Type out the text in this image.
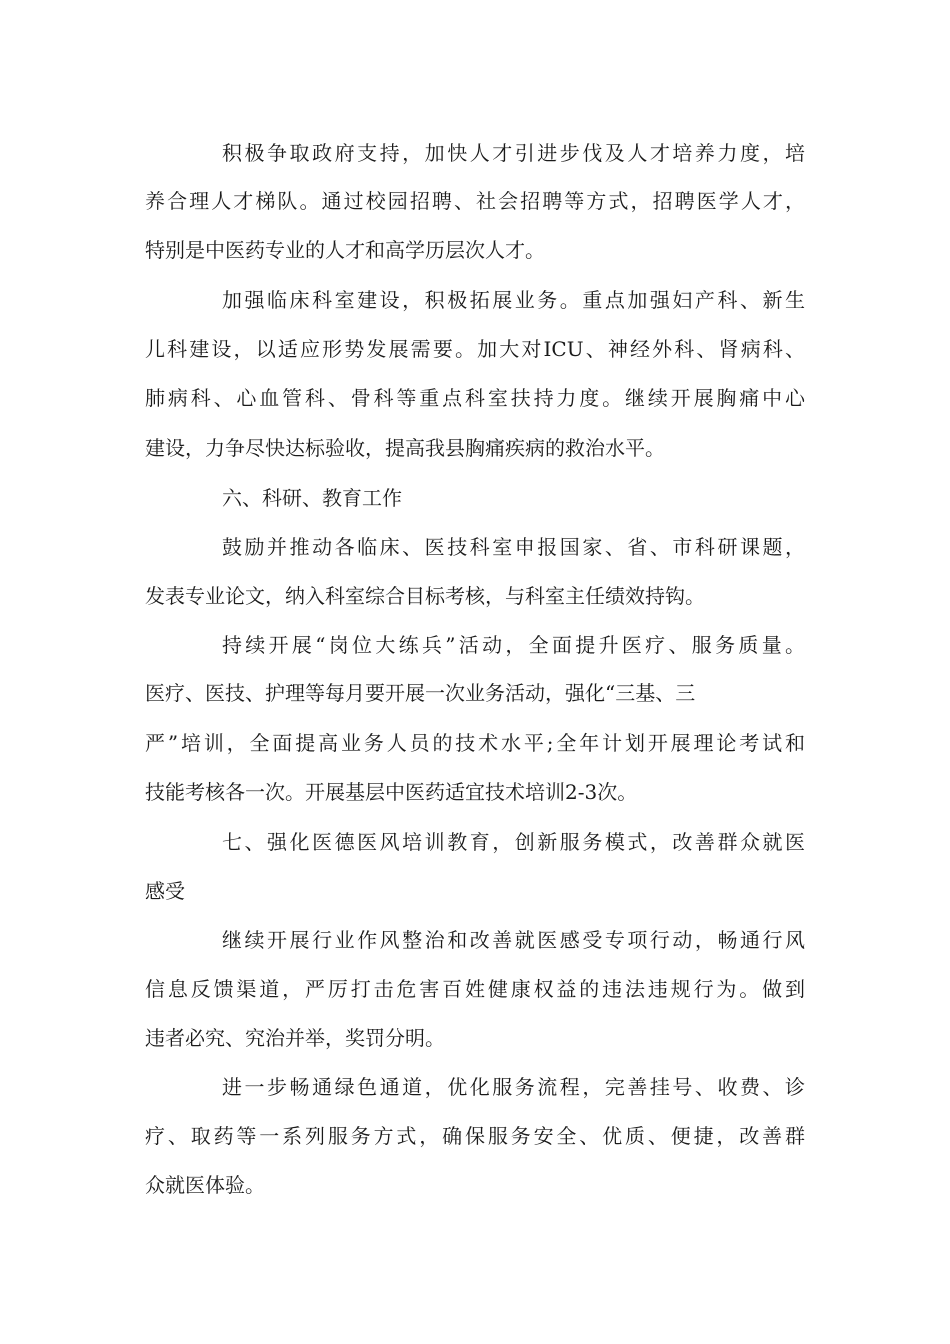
积极争取政府支持，加快人才引进步伐及人才培养力度，培
养合理人才梯队。通过校园招聘、社会招聘等方式，招聘医学人才，
特别是中医药专业的人才和高学历层次人才。
加强临床科室建设，积极拓展业务。重点加强妇产科、新生
儿科建设，以适应形势发展需要。加大对ICU、神经外科、肾病科、
肺病科、心血管科、骨科等重点科室扶持力度。继续开展胸痛中心
建设，力争尽快达标验收，提高我县胸痛疾病的救治水平。
六、科研、教育工作
鼓励并推动各临床、医技科室申报国家、省、市科研课题，
发表专业论文，纳入科室综合目标考核，与科室主任绩效持钩。
持续开展“岗位大练兵”活动，全面提升医疗、服务质量。
医疗、医技、护理等每月要开展一次业务活动，强化“三基、三
严”培训，全面提高业务人员的技术水平;全年计划开展理论考试和
技能考核各一次。开展基层中医药适宜技术培训2-3次。
七、强化医德医风培训教育，创新服务模式，改善群众就医
感受
继续开展行业作风整治和改善就医感受专项行动，畅通行风
信息反馈渠道，严厉打击危害百姓健康权益的违法违规行为。做到
违者必究、究治并举，奖罚分明。
进一步畅通绿色通道，优化服务流程，完善挂号、收费、诊
疗、取药等一系列服务方式，确保服务安全、优质、便捷，改善群
众就医体验。
